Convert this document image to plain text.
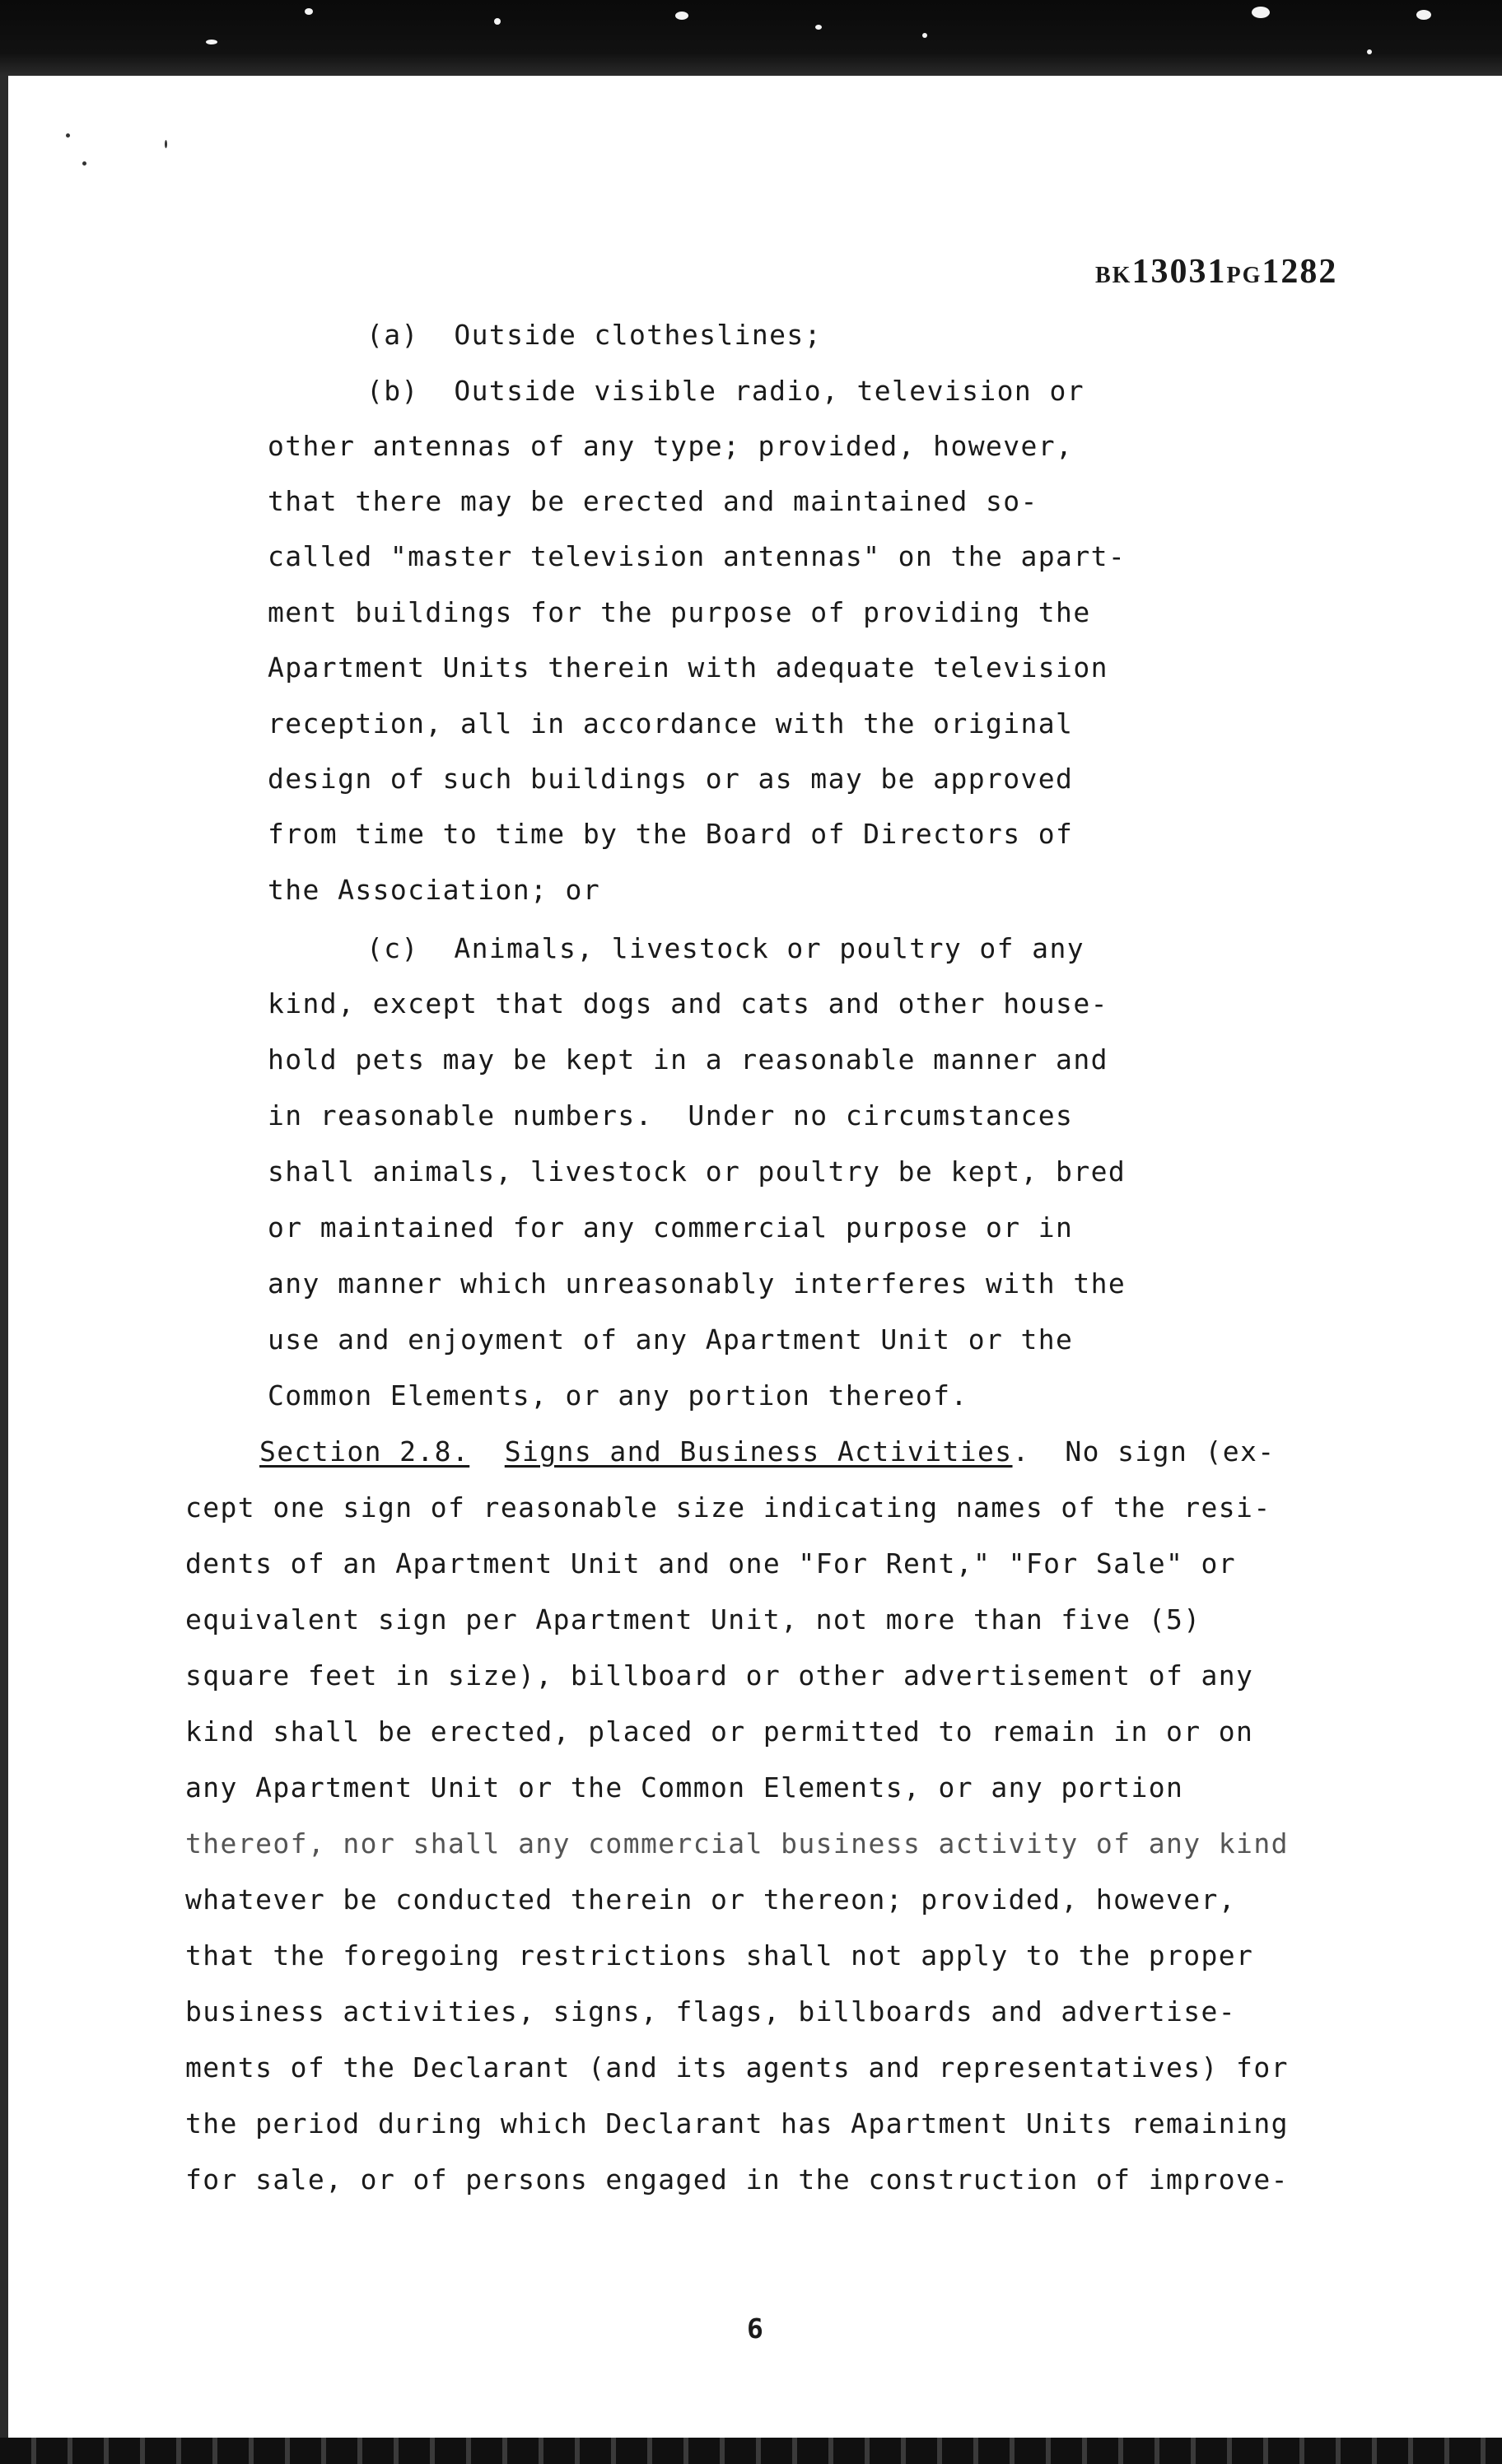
BK13031PG1282
(a)  Outside clotheslines;
(b)  Outside visible radio, television or
other antennas of any type; provided, however,
that there may be erected and maintained so-
called "master television antennas" on the apart-
ment buildings for the purpose of providing the
Apartment Units therein with adequate television
reception, all in accordance with the original
design of such buildings or as may be approved
from time to time by the Board of Directors of
the Association; or
(c)  Animals, livestock or poultry of any
kind, except that dogs and cats and other house-
hold pets may be kept in a reasonable manner and
in reasonable numbers.  Under no circumstances
shall animals, livestock or poultry be kept, bred
or maintained for any commercial purpose or in
any manner which unreasonably interferes with the
use and enjoyment of any Apartment Unit or the
Common Elements, or any portion thereof.
Section 2.8. Signs and Business Activities.  No sign (ex-
cept one sign of reasonable size indicating names of the resi-
dents of an Apartment Unit and one "For Rent," "For Sale" or
equivalent sign per Apartment Unit, not more than five (5)
square feet in size), billboard or other advertisement of any
kind shall be erected, placed or permitted to remain in or on
any Apartment Unit or the Common Elements, or any portion
thereof, nor shall any commercial business activity of any kind
whatever be conducted therein or thereon; provided, however,
that the foregoing restrictions shall not apply to the proper
business activities, signs, flags, billboards and advertise-
ments of the Declarant (and its agents and representatives) for
the period during which Declarant has Apartment Units remaining
for sale, or of persons engaged in the construction of improve-
6
